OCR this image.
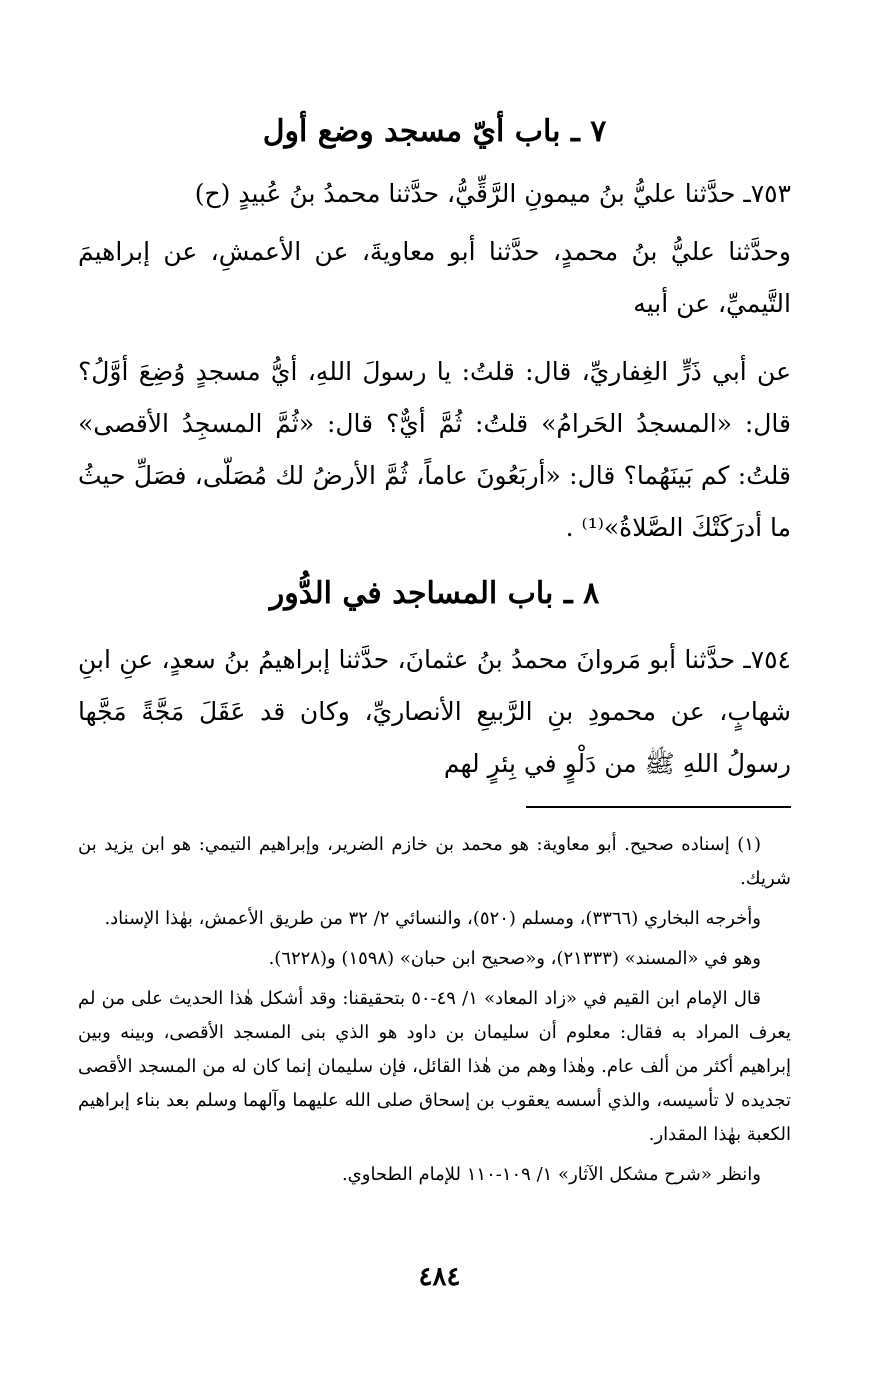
٧ ـ باب أيّ مسجد وضع أول

٧٥٣ـ حدَّثنا عليُّ بنُ ميمونِ الرَّقِّيُّ، حدَّثنا محمدُ بنُ عُبيدٍ (ح)

وحدَّثنا عليُّ بنُ محمدٍ، حدَّثنا أبو معاويةَ، عن الأعمشِ، عن إبراهيمَ التَّيميِّ، عن أبيه

عن أبي ذَرٍّ الغِفاريِّ، قال: قلتُ: يا رسولَ اللهِ، أيُّ مسجدٍ وُضِعَ أوَّلُ؟ قال: «المسجدُ الحَرامُ» قلتُ: ثُمَّ أيٌّ؟ قال: «ثُمَّ المسجِدُ الأقصى» قلتُ: كم بَينَهُما؟ قال: «أربَعُونَ عاماً، ثُمَّ الأرضُ لك مُصَلّى، فصَلِّ حيثُ ما أدرَكَتْكَ الصَّلاةُ»⁽¹⁾ .

٨ ـ باب المساجد في الدُّور

٧٥٤ـ حدَّثنا أبو مَروانَ محمدُ بنُ عثمانَ، حدَّثنا إبراهيمُ بنُ سعدٍ، عنِ ابنِ شهابٍ، عن محمودِ بنِ الرَّبيعِ الأنصاريِّ، وكان قد عَقَلَ مَجَّةً مَجَّها رسولُ اللهِ ﷺ من دَلْوٍ في بِئرٍ لهم

(١) إسناده صحيح. أبو معاوية: هو محمد بن خازم الضرير، وإبراهيم التيمي: هو ابن يزيد بن شريك.

وأخرجه البخاري (٣٣٦٦)، ومسلم (٥٢٠)، والنسائي ٢/ ٣٢ من طريق الأعمش، بهٰذا الإسناد.

وهو في «المسند» (٢١٣٣٣)، و«صحيح ابن حبان» (١٥٩٨) و(٦٢٢٨).

قال الإمام ابن القيم في «زاد المعاد» ١/ ٤٩-٥٠ بتحقيقنا: وقد أشكل هٰذا الحديث على من لم يعرف المراد به فقال: معلوم أن سليمان بن داود هو الذي بنى المسجد الأقصى، وبينه وبين إبراهيم أكثر من ألف عام. وهٰذا وهم من هٰذا القائل، فإن سليمان إنما كان له من المسجد الأقصى تجديده لا تأسيسه، والذي أسسه يعقوب بن إسحاق صلى الله عليهما وآلهما وسلم بعد بناء إبراهيم الكعبة بهٰذا المقدار.

وانظر «شرح مشكل الآثار» ١/ ١٠٩-١١٠ للإمام الطحاوي.

٤٨٤
